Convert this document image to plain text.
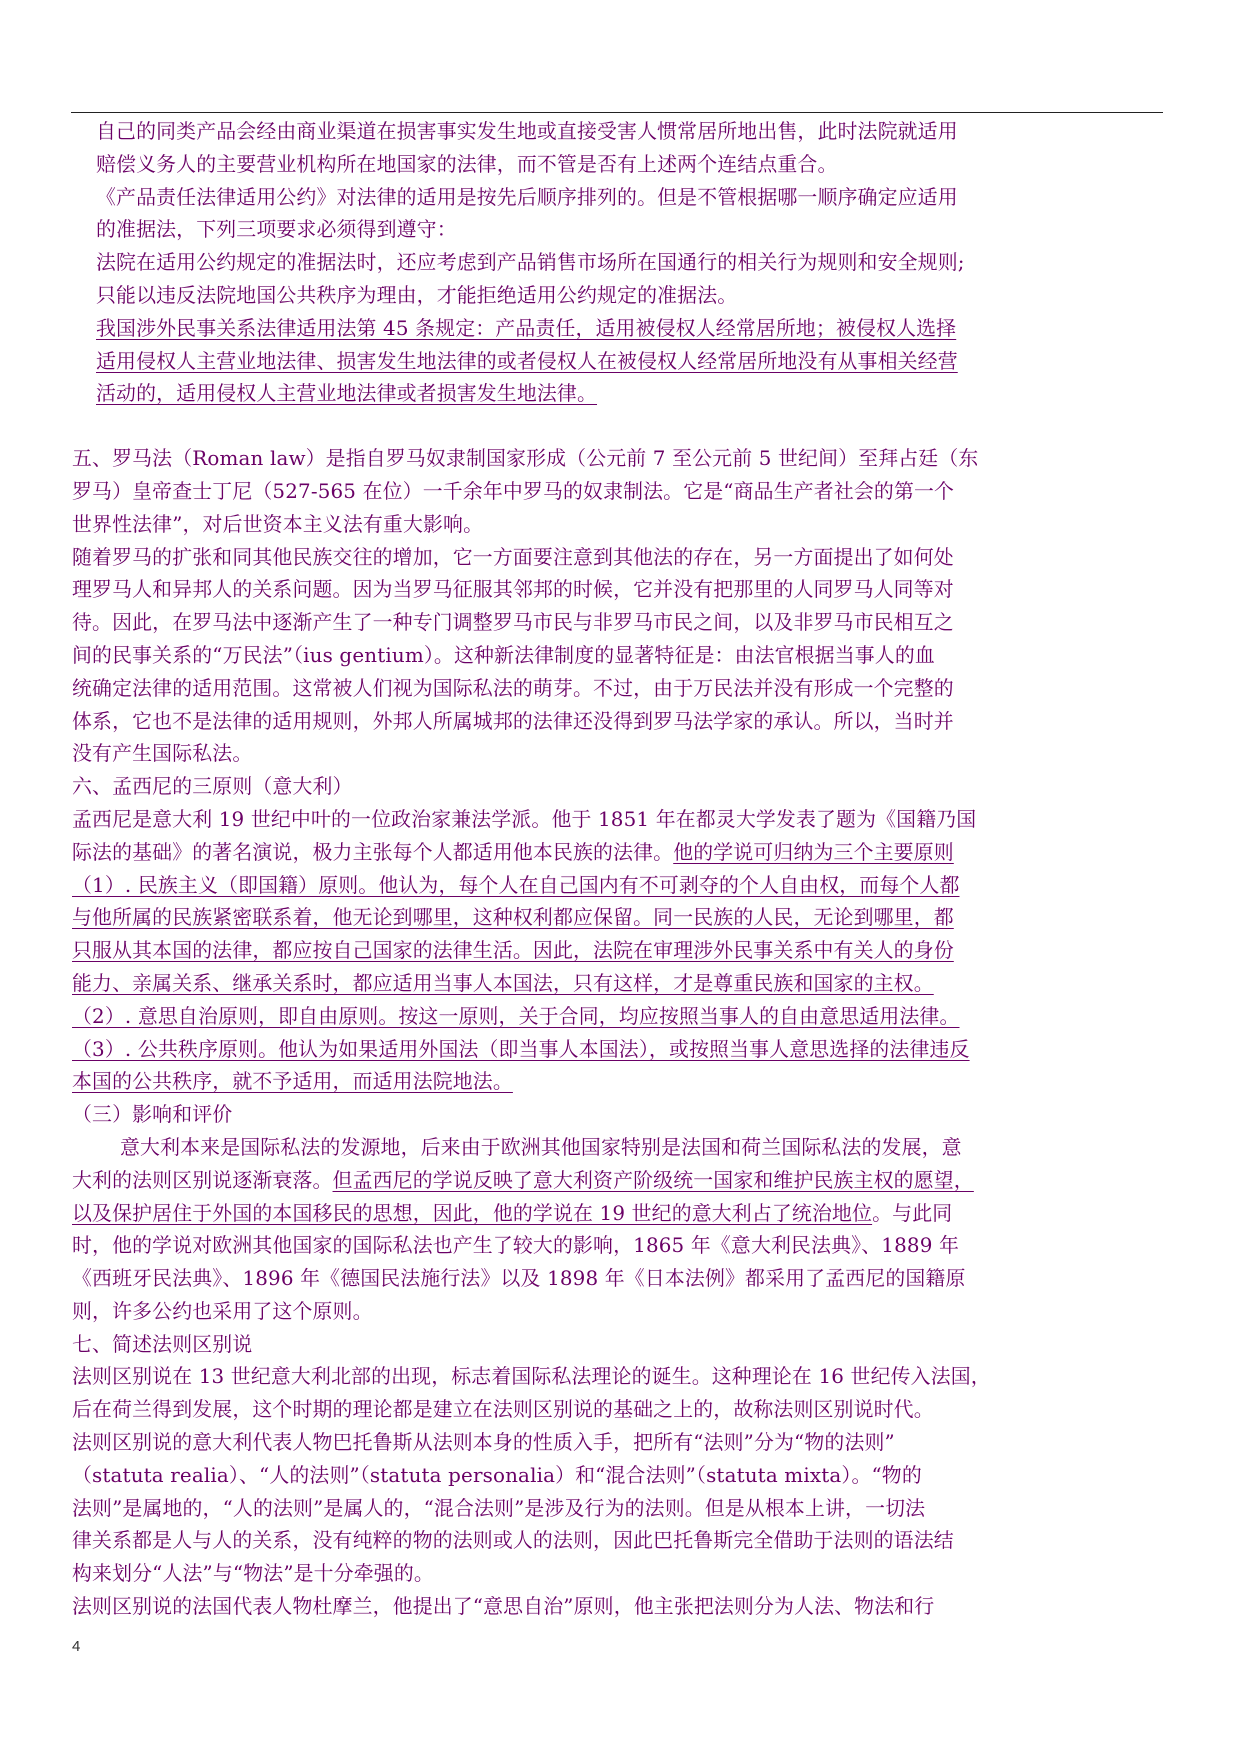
自己的同类产品会经由商业渠道在损害事实发生地或直接受害人惯常居所地出售，此时法院就适用

赔偿义务人的主要营业机构所在地国家的法律，而不管是否有上述两个连结点重合。

《产品责任法律适用公约》对法律的适用是按先后顺序排列的。但是不管根据哪一顺序确定应适用

的准据法，下列三项要求必须得到遵守：

法院在适用公约规定的准据法时，还应考虑到产品销售市场所在国通行的相关行为规则和安全规则;

只能以违反法院地国公共秩序为理由，才能拒绝适用公约规定的准据法。

我国涉外民事关系法律适用法第 45 条规定：产品责任，适用被侵权人经常居所地；被侵权人选择

适用侵权人主营业地法律、损害发生地法律的或者侵权人在被侵权人经常居所地没有从事相关经营

活动的，适用侵权人主营业地法律或者损害发生地法律。

五、罗马法（Roman law）是指自罗马奴隶制国家形成（公元前 7 至公元前 5 世纪间）至拜占廷（东

罗马）皇帝查士丁尼（527-565 在位）一千余年中罗马的奴隶制法。它是“商品生产者社会的第一个

世界性法律”，对后世资本主义法有重大影响。

随着罗马的扩张和同其他民族交往的增加，它一方面要注意到其他法的存在，另一方面提出了如何处

理罗马人和异邦人的关系问题。因为当罗马征服其邻邦的时候，它并没有把那里的人同罗马人同等对

待。因此，在罗马法中逐渐产生了一种专门调整罗马市民与非罗马市民之间，以及非罗马市民相互之

间的民事关系的“万民法”（ius gentium）。这种新法律制度的显著特征是：由法官根据当事人的血

统确定法律的适用范围。这常被人们视为国际私法的萌芽。不过，由于万民法并没有形成一个完整的

体系，它也不是法律的适用规则，外邦人所属城邦的法律还没得到罗马法学家的承认。所以，当时并

没有产生国际私法。

六、孟西尼的三原则（意大利）

孟西尼是意大利 19 世纪中叶的一位政治家兼法学派。他于 1851 年在都灵大学发表了题为《国籍乃国

际法的基础》的著名演说，极力主张每个人都适用他本民族的法律。他的学说可归纳为三个主要原则

（1）. 民族主义（即国籍）原则。他认为，每个人在自己国内有不可剥夺的个人自由权，而每个人都

与他所属的民族紧密联系着，他无论到哪里，这种权利都应保留。同一民族的人民，无论到哪里，都

只服从其本国的法律，都应按自己国家的法律生活。因此，法院在审理涉外民事关系中有关人的身份

能力、亲属关系、继承关系时，都应适用当事人本国法，只有这样，才是尊重民族和国家的主权。

（2）. 意思自治原则，即自由原则。按这一原则，关于合同，均应按照当事人的自由意思适用法律。

（3）. 公共秩序原则。他认为如果适用外国法（即当事人本国法），或按照当事人意思选择的法律违反

本国的公共秩序，就不予适用，而适用法院地法。

（三）影响和评价

意大利本来是国际私法的发源地，后来由于欧洲其他国家特别是法国和荷兰国际私法的发展，意

大利的法则区别说逐渐衰落。但孟西尼的学说反映了意大利资产阶级统一国家和维护民族主权的愿望，

以及保护居住于外国的本国移民的思想，因此，他的学说在 19 世纪的意大利占了统治地位。与此同

时，他的学说对欧洲其他国家的国际私法也产生了较大的影响，1865 年《意大利民法典》、1889 年

《西班牙民法典》、1896 年《德国民法施行法》以及 1898 年《日本法例》都采用了孟西尼的国籍原

则，许多公约也采用了这个原则。

七、简述法则区别说

法则区别说在 13 世纪意大利北部的出现，标志着国际私法理论的诞生。这种理论在 16 世纪传入法国，

后在荷兰得到发展，这个时期的理论都是建立在法则区别说的基础之上的，故称法则区别说时代。

法则区别说的意大利代表人物巴托鲁斯从法则本身的性质入手，把所有“法则”分为“物的法则”

（statuta realia）、“人的法则”（statuta personalia）和“混合法则”（statuta mixta）。“物的

法则”是属地的，“人的法则”是属人的，“混合法则”是涉及行为的法则。但是从根本上讲，一切法

律关系都是人与人的关系，没有纯粹的物的法则或人的法则，因此巴托鲁斯完全借助于法则的语法结

构来划分“人法”与“物法”是十分牵强的。

法则区别说的法国代表人物杜摩兰，他提出了“意思自治”原则，他主张把法则分为人法、物法和行

4
